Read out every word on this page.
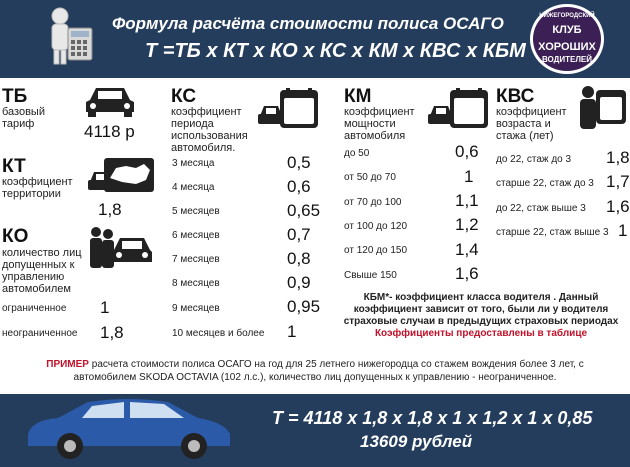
Формула расчёта стоимости полиса ОСАГО
Т =ТБ х КТ х КО х КС х КМ х КВС х КБМ
НИЖЕГОРОДСКИЙ
КЛУБ
ХОРОШИХ
ВОДИТЕЛЕЙ
ТБ
базовый тариф	4118 р
КТ
коэффициент территории
1,8
КО
количество лиц допущенных к управлению автомобилем
ограниченное 1
неограниченное 1,8
КС
коэффициент периода использования автомобиля.
3 месяца	0,5
4 месяца	0,6
5 месяцев	0,65
6 месяцев	0,7
7 месяцев	0,8
8 месяцев	0,9
9 месяцев	0,95
10 месяцев и более 1
КМ
коэффициент мощности автомобиля
до 50	0,6
от 50 до 70	1
от 70 до 100	1,1
от 100 до 120	1,2
от 120 до 150	1,4
Свыше 150	1,6
КВС
коэффициент возраста и стажа (лет)
до 22, стаж до 3 1,8
старше 22, стаж до 3 1,7
до 22, стаж выше 3 1,6
старше 22, стаж выше 3 1
КБМ*- коэффициент класса водителя . Данный
коэффициент зависит от того, были ли у водителя
страховые случаи в предыдущих страховых периодах
Коэффициенты предоставлены в таблице
ПРИМЕР расчета стоимости полиса ОСАГО на год для 25 летнего нижегородца со стажем вождения более 3 лет, с
автомобилем SKODA OCTAVIA (102 л.с.), количество лиц допущенных к управлению - неограниченное.
Т = 4118 х 1,8 х 1,8 х 1 х 1,2 х 1 х 0,85
13609 рублей
